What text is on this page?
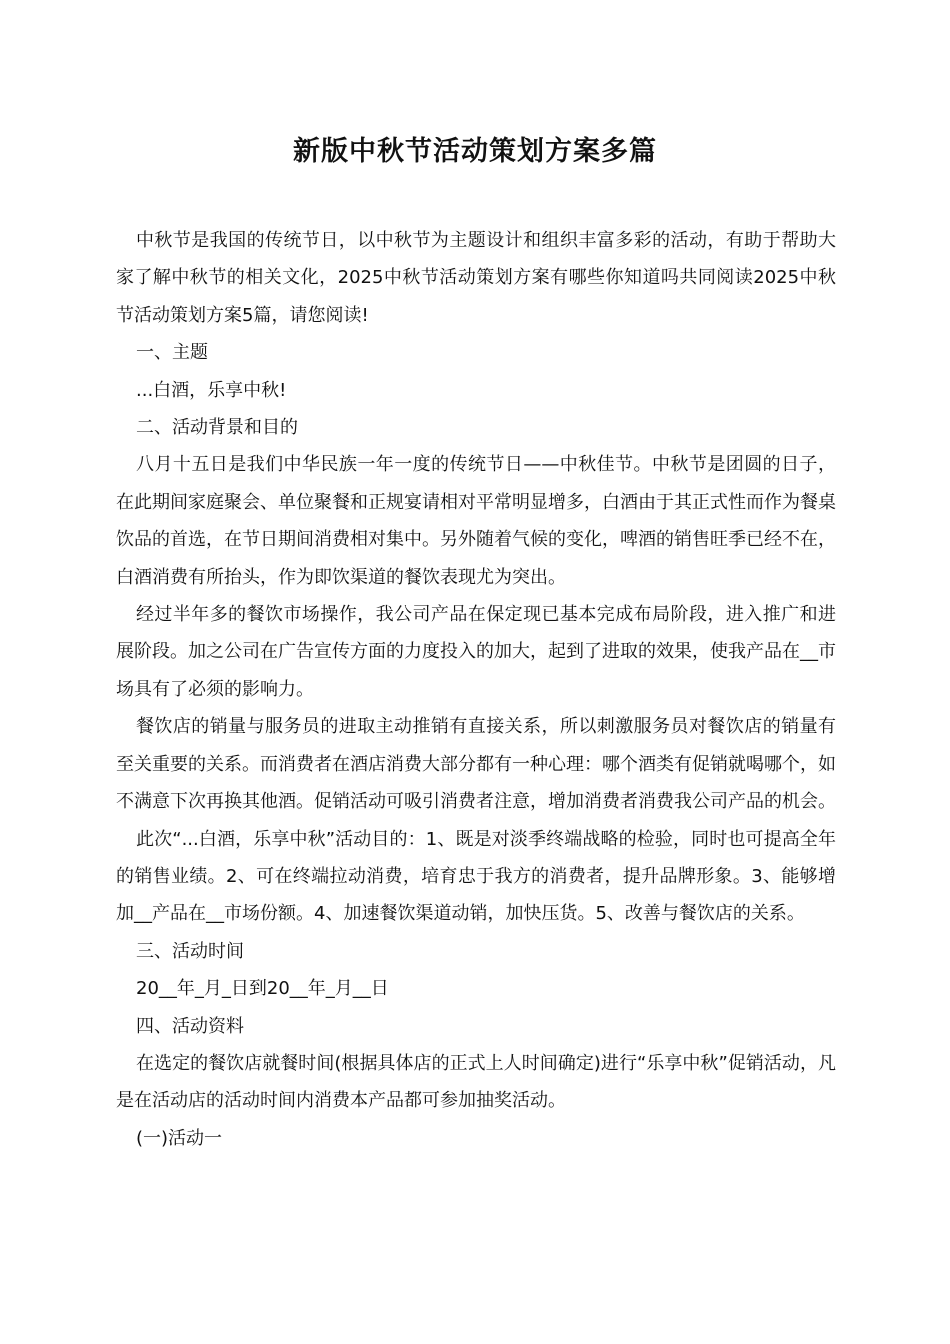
新版中秋节活动策划方案多篇

中秋节是我国的传统节日，以中秋节为主题设计和组织丰富多彩的活动，有助于帮助大家了解中秋节的相关文化，2025中秋节活动策划方案有哪些你知道吗共同阅读2025中秋节活动策划方案5篇，请您阅读!

一、主题

...白酒，乐享中秋!

二、活动背景和目的

八月十五日是我们中华民族一年一度的传统节日——中秋佳节。中秋节是团圆的日子，在此期间家庭聚会、单位聚餐和正规宴请相对平常明显增多，白酒由于其正式性而作为餐桌饮品的首选，在节日期间消费相对集中。另外随着气候的变化，啤酒的销售旺季已经不在，白酒消费有所抬头，作为即饮渠道的餐饮表现尤为突出。

经过半年多的餐饮市场操作，我公司产品在保定现已基本完成布局阶段，进入推广和进展阶段。加之公司在广告宣传方面的力度投入的加大，起到了进取的效果，使我产品在__市场具有了必须的影响力。

餐饮店的销量与服务员的进取主动推销有直接关系，所以刺激服务员对餐饮店的销量有至关重要的关系。而消费者在酒店消费大部分都有一种心理：哪个酒类有促销就喝哪个，如不满意下次再换其他酒。促销活动可吸引消费者注意，增加消费者消费我公司产品的机会。

此次“...白酒，乐享中秋”活动目的：1、既是对淡季终端战略的检验，同时也可提高全年的销售业绩。2、可在终端拉动消费，培育忠于我方的消费者，提升品牌形象。3、能够增加__产品在__市场份额。4、加速餐饮渠道动销，加快压货。5、改善与餐饮店的关系。

三、活动时间

20__年_月_日到20__年_月__日

四、活动资料

在选定的餐饮店就餐时间(根据具体店的正式上人时间确定)进行“乐享中秋”促销活动，凡是在活动店的活动时间内消费本产品都可参加抽奖活动。

(一)活动一
